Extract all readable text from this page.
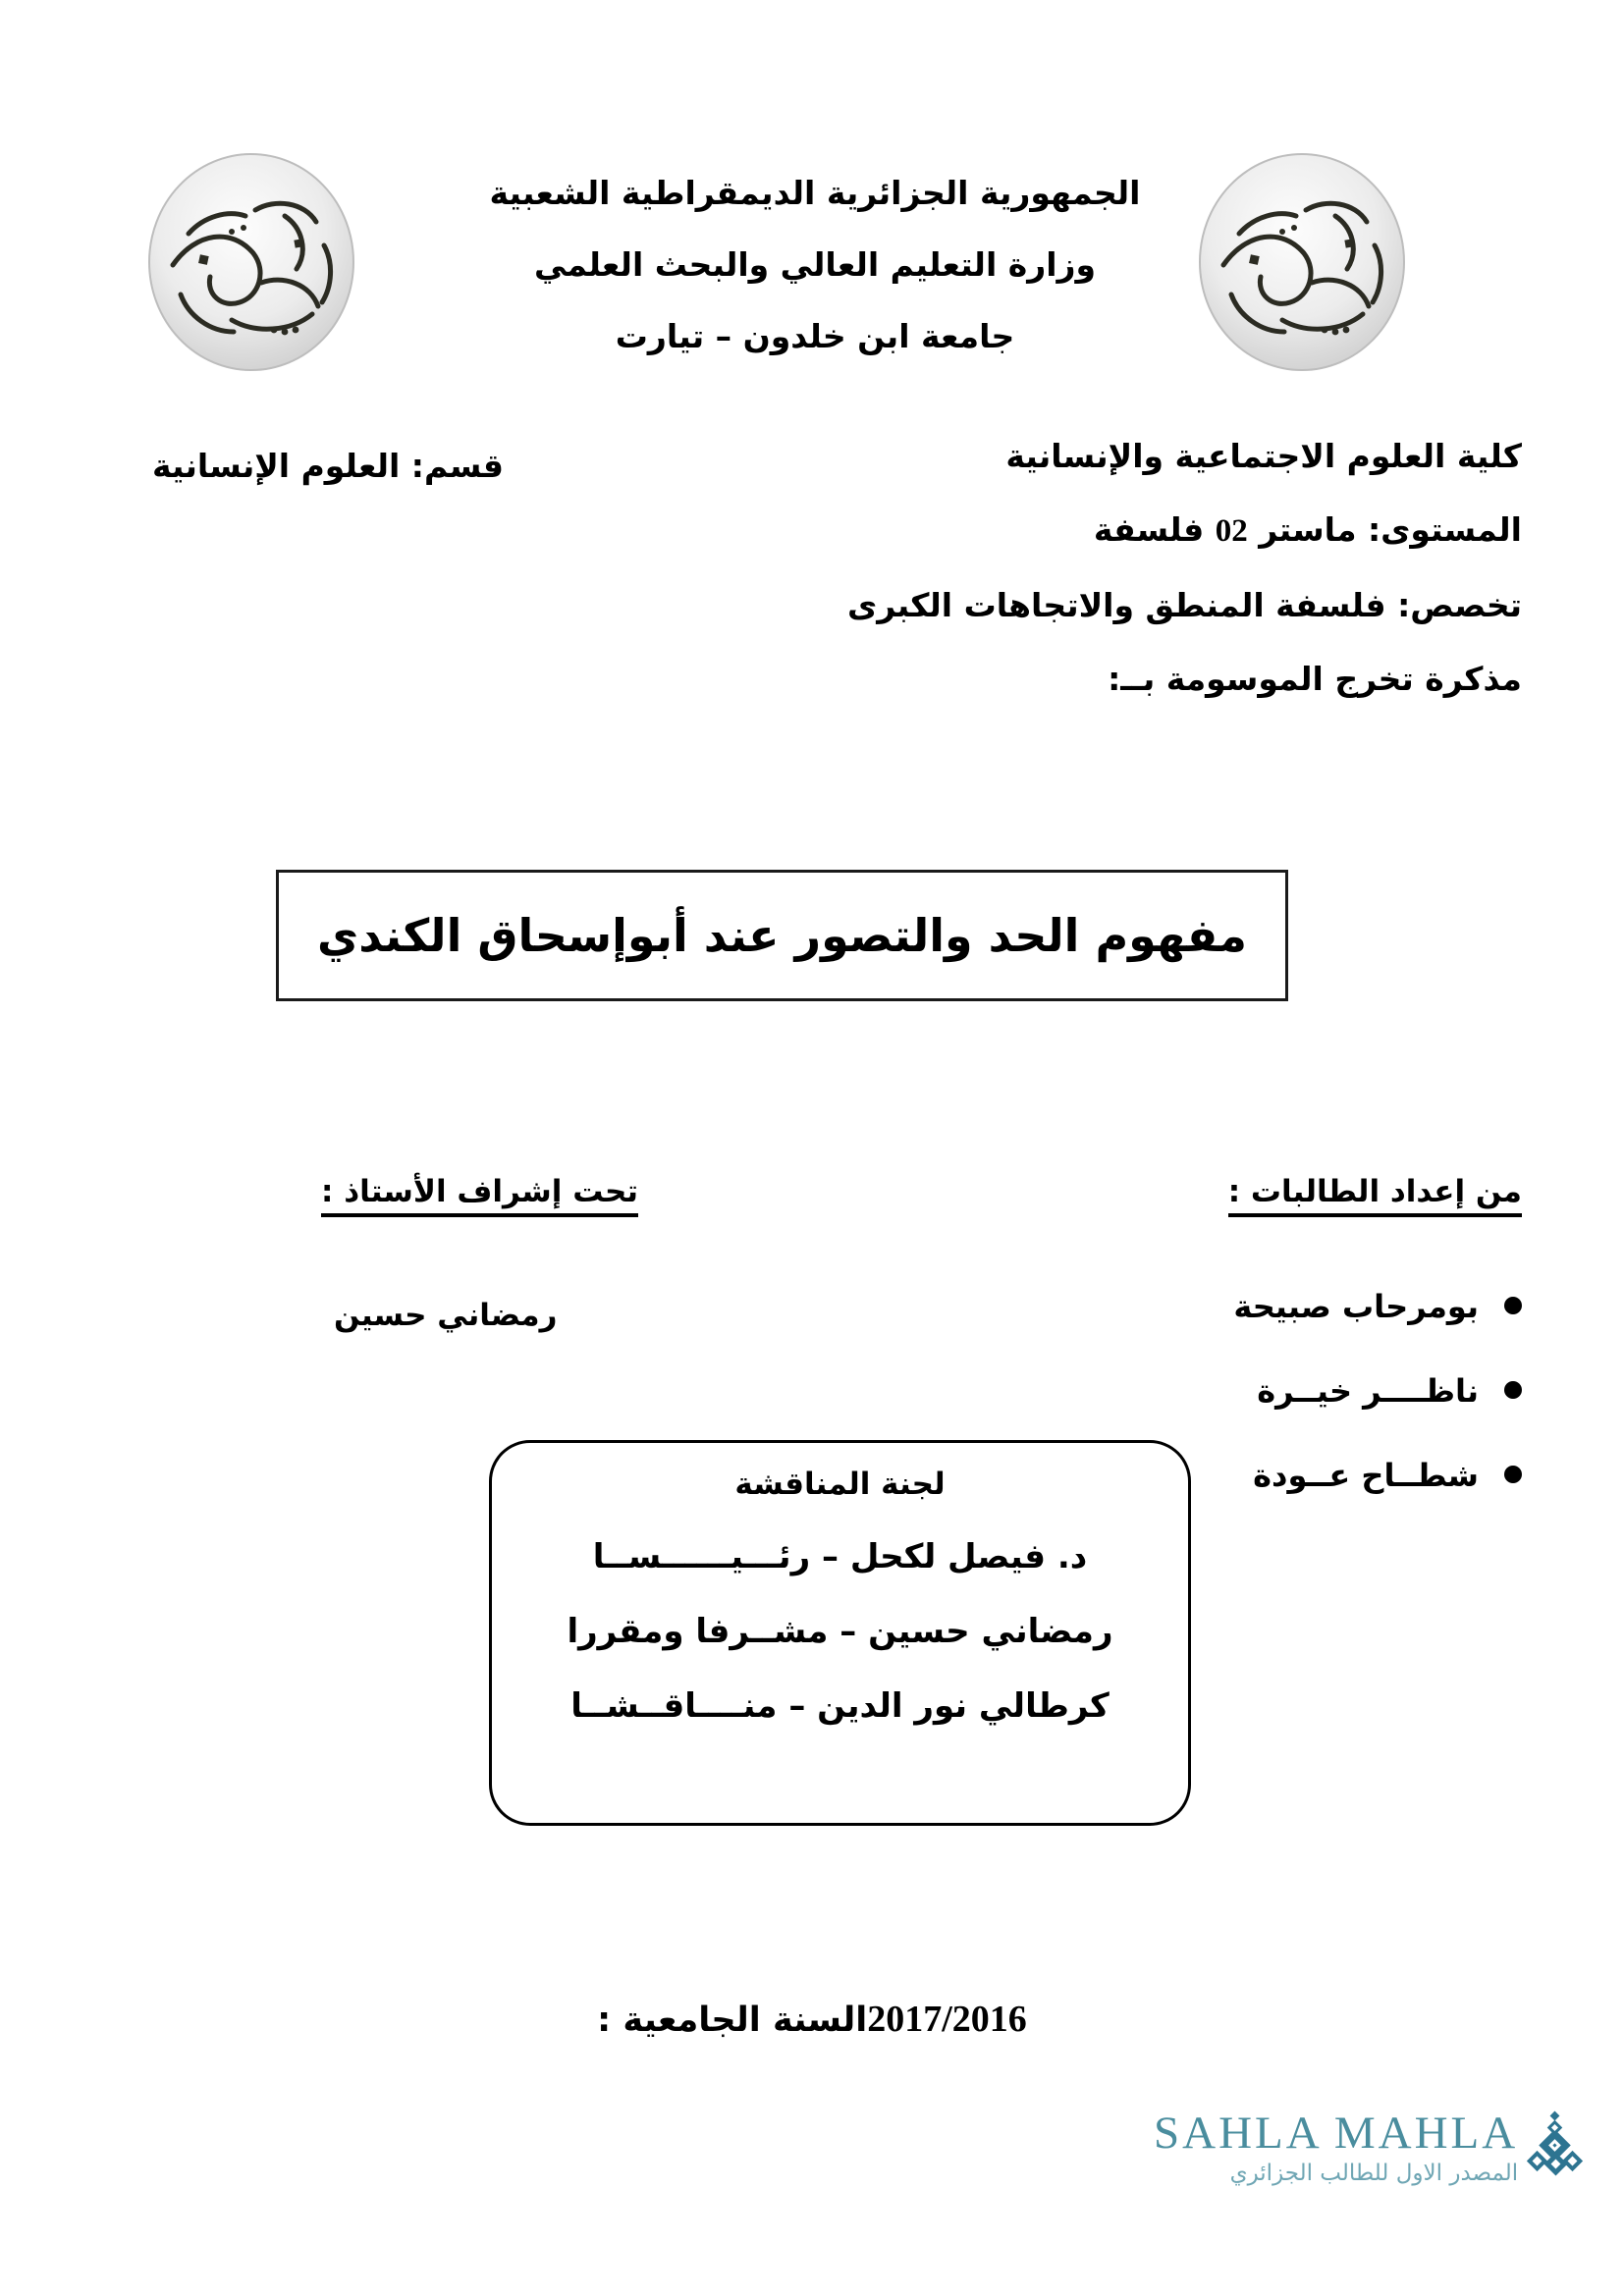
الجمهورية الجزائرية الديمقراطية الشعبية
وزارة التعليم العالي والبحث العلمي
جامعة ابن خلدون – تيارت
قسم: العلوم الإنسانية	كلية العلوم الاجتماعية والإنسانية
المستوى: ماستر 02 فلسفة
تخصص: فلسفة المنطق والاتجاهات الكبرى
مذكرة تخرج الموسومة بــ:
مفهوم الحد والتصور عند أبوإسحاق الكندي
من إعداد الطالبات :
تحت إشراف الأستاذ :
بومرحاب صبيحة
ناظــــر خيــرة
شطــاح عــودة
رمضاني حسين
لجنة المناقشة
د. فيصل لكحل – رئـــيــــــســا
رمضاني حسين – مشــرفا ومقررا
كرطالي نور الدين – منــــاقــشــا
2017/2016السنة الجامعية :
SAHLA MAHLA
المصدر الاول للطالب الجزائري
